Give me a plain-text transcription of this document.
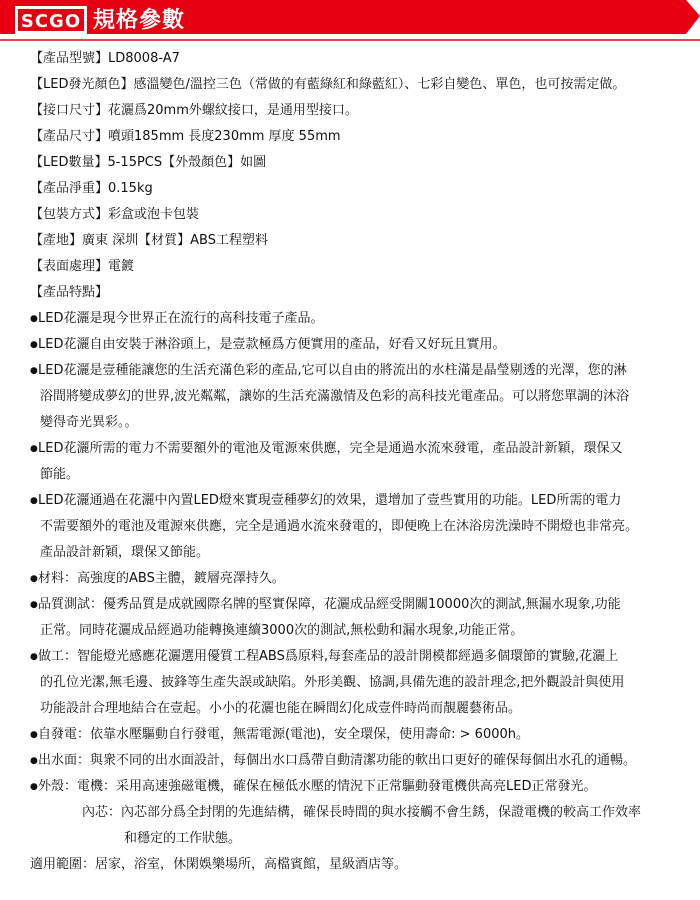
SCGO 規格參數
【產品型號】LD8008-A7
【LED發光顏色】感溫變色/溫控三色（常做的有藍綠紅和綠藍紅）、七彩自變色、單色，也可按需定做。
【接口尺寸】花灑爲20mm外螺紋接口，是通用型接口。
【產品尺寸】噴頭185mm 長度230mm 厚度 55mm
【LED數量】5-15PCS【外殼顏色】如圖
【產品淨重】0.15kg
【包裝方式】彩盒或泡卡包裝
【產地】廣東 深圳【材質】ABS工程塑料
【表面處理】電鍍
【產品特點】
●LED花灑是現今世界正在流行的高科技電子產品。
●LED花灑自由安裝于淋浴頭上，是壹款極爲方便實用的產品，好看又好玩且實用。
●LED花灑是壹種能讓您的生活充滿色彩的產品,它可以自由的將流出的水柱滿是晶瑩剔透的光澤，您的淋
浴間將變成夢幻的世界,波光粼粼，讓妳的生活充滿激情及色彩的高科技光電產品。可以將您單調的沐浴
變得奇光異彩。。
●LED花灑所需的電力不需要額外的電池及電源來供應，完全是通過水流來發電，產品設計新穎，環保又
節能。
●LED花灑通過在花灑中內置LED燈來實現壹種夢幻的效果，還增加了壹些實用的功能。LED所需的電力
不需要額外的電池及電源來供應，完全是通過水流來發電的，即便晚上在沐浴房洗澡時不開燈也非常亮。
產品設計新穎，環保又節能。
●材料：高強度的ABS主體，鍍層亮澤持久。
●品質測試：優秀品質是成就國際名牌的堅實保障，花灑成品經受開關10000次的測試,無漏水現象,功能
正常。同時花灑成品經過功能轉換連續3000次的測試,無松動和漏水現象,功能正常。
●做工：智能燈光感應花灑選用優質工程ABS爲原料,每套產品的設計開模都經過多個環節的實驗,花灑上
的孔位光潔,無毛邊、披鋒等生產失誤或缺陷。外形美觀、協調,具備先進的設計理念,把外觀設計與使用
功能設計合理地結合在壹起。小小的花灑也能在瞬間幻化成壹件時尚而靚麗藝術品。
●自發電：依靠水壓驅動自行發電，無需電源(電池)，安全環保，使用壽命: > 6000h。
●出水面：與衆不同的出水面設計，每個出水口爲帶自動清潔功能的軟出口更好的確保每個出水孔的通暢。
●外殼：電機：采用高速強磁電機，確保在極低水壓的情況下正常驅動發電機供高亮LED正常發光。
內芯：內芯部分爲全封閉的先進結構，確保長時間的與水接觸不會生銹，保證電機的較高工作效率
和穩定的工作狀態。
適用範圍：居家，浴室，休閑娛樂場所，高檔賓館，星級酒店等。
